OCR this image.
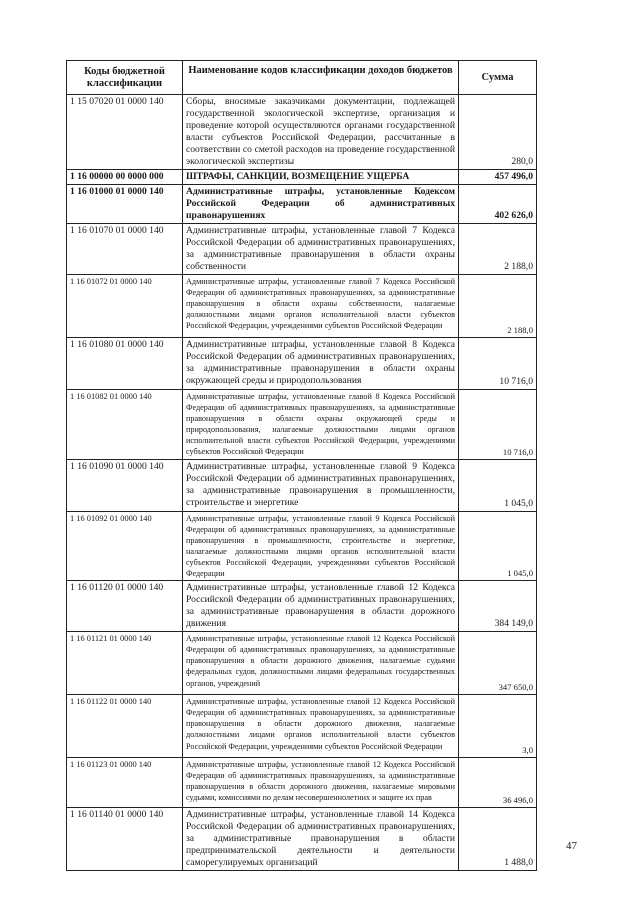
Коды бюджетной классификации	Наименование кодов классификации доходов бюджетов	Сумма
1 15 07020 01 0000 140	Сборы, вносимые заказчиками документации, подлежащей государственной экологической экспертизе, организация и проведение которой осуществляются органами государственной власти субъектов Российской Федерации, рассчитанные в соответствии со сметой расходов на проведение государственной экологической экспертизы	280,0
1 16 00000 00 0000 000	ШТРАФЫ, САНКЦИИ, ВОЗМЕЩЕНИЕ УЩЕРБА	457 496,0
1 16 01000 01 0000 140	Административные штрафы, установленные Кодексом Российской Федерации об административных правонарушениях	402 626,0
1 16 01070 01 0000 140	Административные штрафы, установленные главой 7 Кодекса Российской Федерации об административных правонарушениях, за административные правонарушения в области охраны собственности	2 188,0
1 16 01072 01 0000 140	Административные штрафы, установленные главой 7 Кодекса Российской Федерации об административных правонарушениях, за административные правонарушения в области охраны собственности, налагаемые должностными лицами органов исполнительной власти субъектов Российской Федерации, учреждениями субъектов Российской Федерации	2 188,0
1 16 01080 01 0000 140	Административные штрафы, установленные главой 8 Кодекса Российской Федерации об административных правонарушениях, за административные правонарушения в области охраны окружающей среды и природопользования	10 716,0
1 16 01082 01 0000 140	Административные штрафы, установленные главой 8 Кодекса Российской Федерации об административных правонарушениях, за административные правонарушения в области охраны окружающей среды и природопользования, налагаемые должностными лицами органов исполнительной власти субъектов Российской Федерации, учреждениями субъектов Российской Федерации	10 716,0
1 16 01090 01 0000 140	Административные штрафы, установленные главой 9 Кодекса Российской Федерации об административных правонарушениях, за административные правонарушения в промышленности, строительстве и энергетике	1 045,0
1 16 01092 01 0000 140	Административные штрафы, установленные главой 9 Кодекса Российской Федерации об административных правонарушениях, за административные правонарушения в промышленности, строительстве и энергетике, налагаемые должностными лицами органов исполнительной власти субъектов Российской Федерации, учреждениями субъектов Российской Федерации	1 045,0
1 16 01120 01 0000 140	Административные штрафы, установленные главой 12 Кодекса Российской Федерации об административных правонарушениях, за административные правонарушения в области дорожного движения	384 149,0
1 16 01121 01 0000 140	Административные штрафы, установленные главой 12 Кодекса Российской Федерации об административных правонарушениях, за административные правонарушения в области дорожного движения, налагаемые судьями федеральных судов, должностными лицами федеральных государственных органов, учреждений	347 650,0
1 16 01122 01 0000 140	Административные штрафы, установленные главой 12 Кодекса Российской Федерации об административных правонарушениях, за административные правонарушения в области дорожного движения, налагаемые должностными лицами органов исполнительной власти субъектов Российской Федерации, учреждениями субъектов Российской Федерации	3,0
1 16 01123 01 0000 140	Административные штрафы, установленные главой 12 Кодекса Российской Федерации об административных правонарушениях, за административные правонарушения в области дорожного движения, налагаемые мировыми судьями, комиссиями по делам несовершеннолетних и защите их прав	36 496,0
1 16 01140 01 0000 140	Административные штрафы, установленные главой 14 Кодекса Российской Федерации об административных правонарушениях, за административные правонарушения в области предпринимательской деятельности и деятельности саморегулируемых организаций	1 488,0
47
